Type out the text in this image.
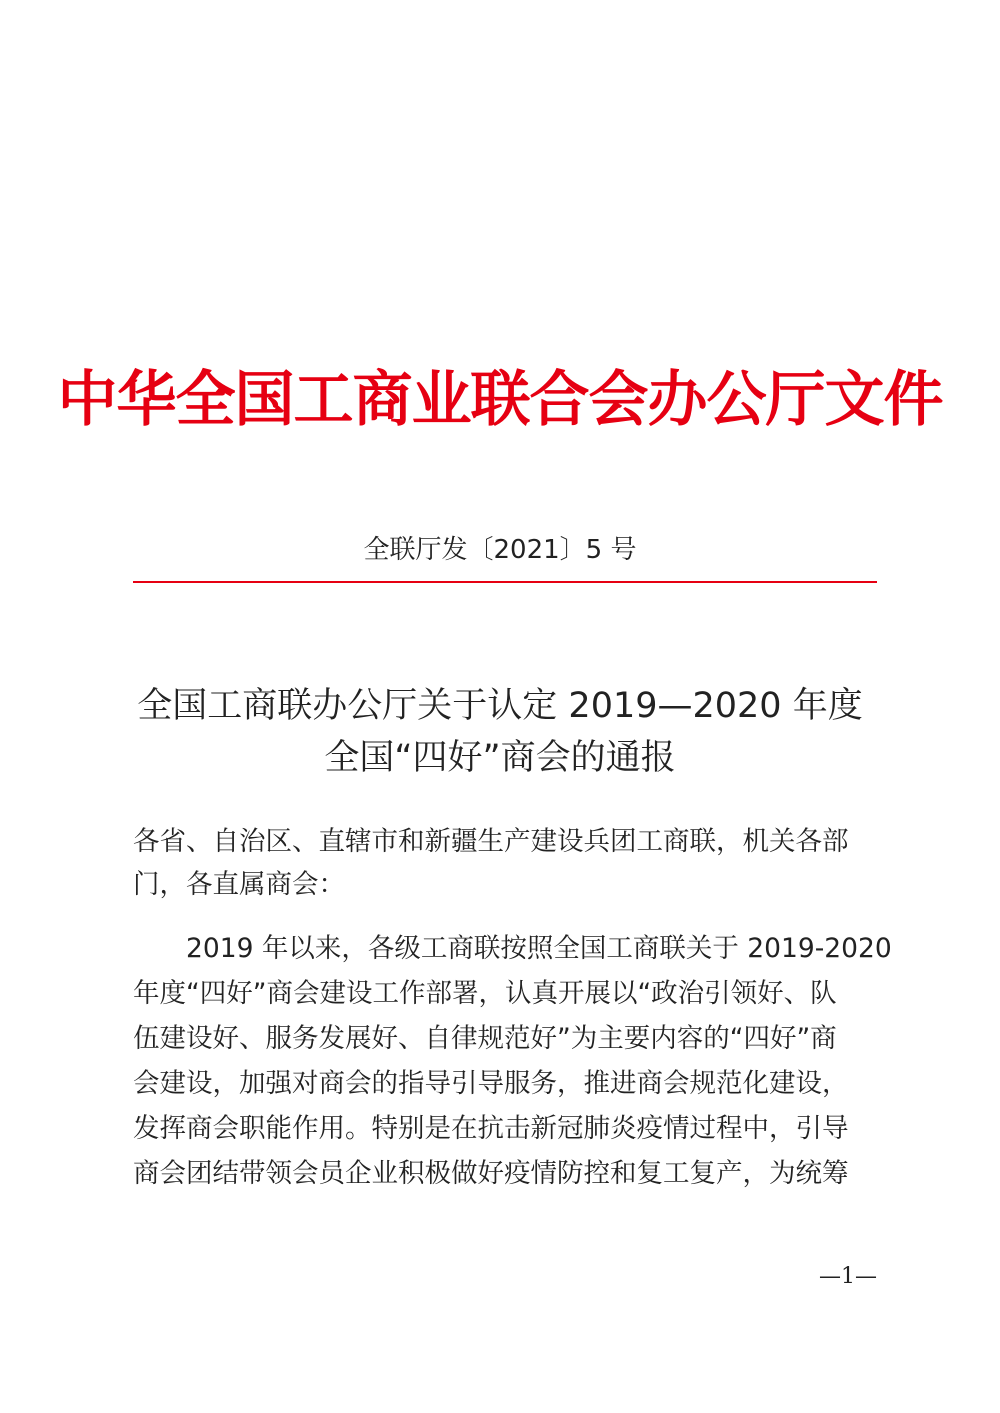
中华全国工商业联合会办公厅文件
全联厅发〔2021〕5 号
全国工商联办公厅关于认定 2019—2020 年度
全国“四好”商会的通报
各省、自治区、直辖市和新疆生产建设兵团工商联，机关各部
门，各直属商会：
2019 年以来，各级工商联按照全国工商联关于 2019-2020
年度“四好”商会建设工作部署，认真开展以“政治引领好、队
伍建设好、服务发展好、自律规范好”为主要内容的“四好”商
会建设，加强对商会的指导引导服务，推进商会规范化建设，
发挥商会职能作用。特别是在抗击新冠肺炎疫情过程中，引导
商会团结带领会员企业积极做好疫情防控和复工复产，为统筹
—1—
